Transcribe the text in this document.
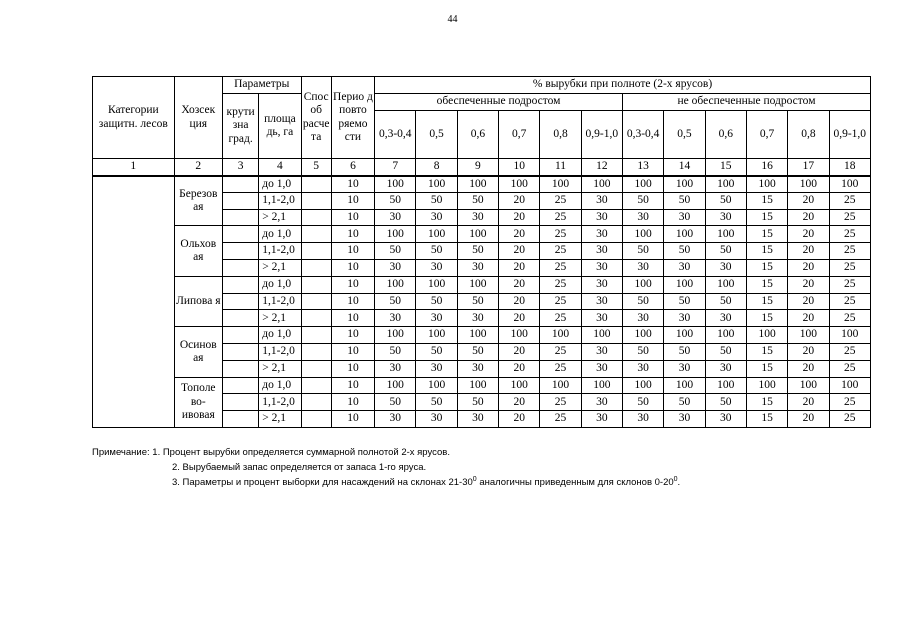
44
Категории защитн. лесов	Хозсек ция	Параметры		Спос об расче та	Перио д повто ряемо сти	% вырубки при полноте (2-х ярусов)											
		крути зна град.	площа дь, га			обеспеченные подростом						не обеспеченные подростом					
						0,3-0,4	0,5	0,6	0,7	0,8	0,9-1,0	0,3-0,4	0,5	0,6	0,7	0,8	0,9-1,0
1	2	3	4	5	6	7	8	9	10	11	12	13	14	15	16	17	18
	Березов ая		до 1,0		10	100	100	100	100	100	100	100	100	100	100	100	100
			1,1-2,0		10	50	50	50	20	25	30	50	50	50	15	20	25
			> 2,1		10	30	30	30	20	25	30	30	30	30	15	20	25
	Ольхов ая		до 1,0		10	100	100	100	20	25	30	100	100	100	15	20	25
			1,1-2,0		10	50	50	50	20	25	30	50	50	50	15	20	25
			> 2,1		10	30	30	30	20	25	30	30	30	30	15	20	25
	Липова я		до 1,0		10	100	100	100	20	25	30	100	100	100	15	20	25
			1,1-2,0		10	50	50	50	20	25	30	50	50	50	15	20	25
			> 2,1		10	30	30	30	20	25	30	30	30	30	15	20	25
	Осинов ая		до 1,0		10	100	100	100	100	100	100	100	100	100	100	100	100
			1,1-2,0		10	50	50	50	20	25	30	50	50	50	15	20	25
			> 2,1		10	30	30	30	20	25	30	30	30	30	15	20	25
	Тополе во- ивовая		до 1,0		10	100	100	100	100	100	100	100	100	100	100	100	100
			1,1-2,0		10	50	50	50	20	25	30	50	50	50	15	20	25
			> 2,1		10	30	30	30	20	25	30	30	30	30	15	20	25
Примечание: 1. Процент вырубки определяется суммарной полнотой 2-х ярусов.
2. Вырубаемый запас определяется от запаса 1-го яруса.
3. Параметры и процент выборки для насаждений на склонах $21-30^0$ аналогичны приведенным для склонов $0-20^0$.
